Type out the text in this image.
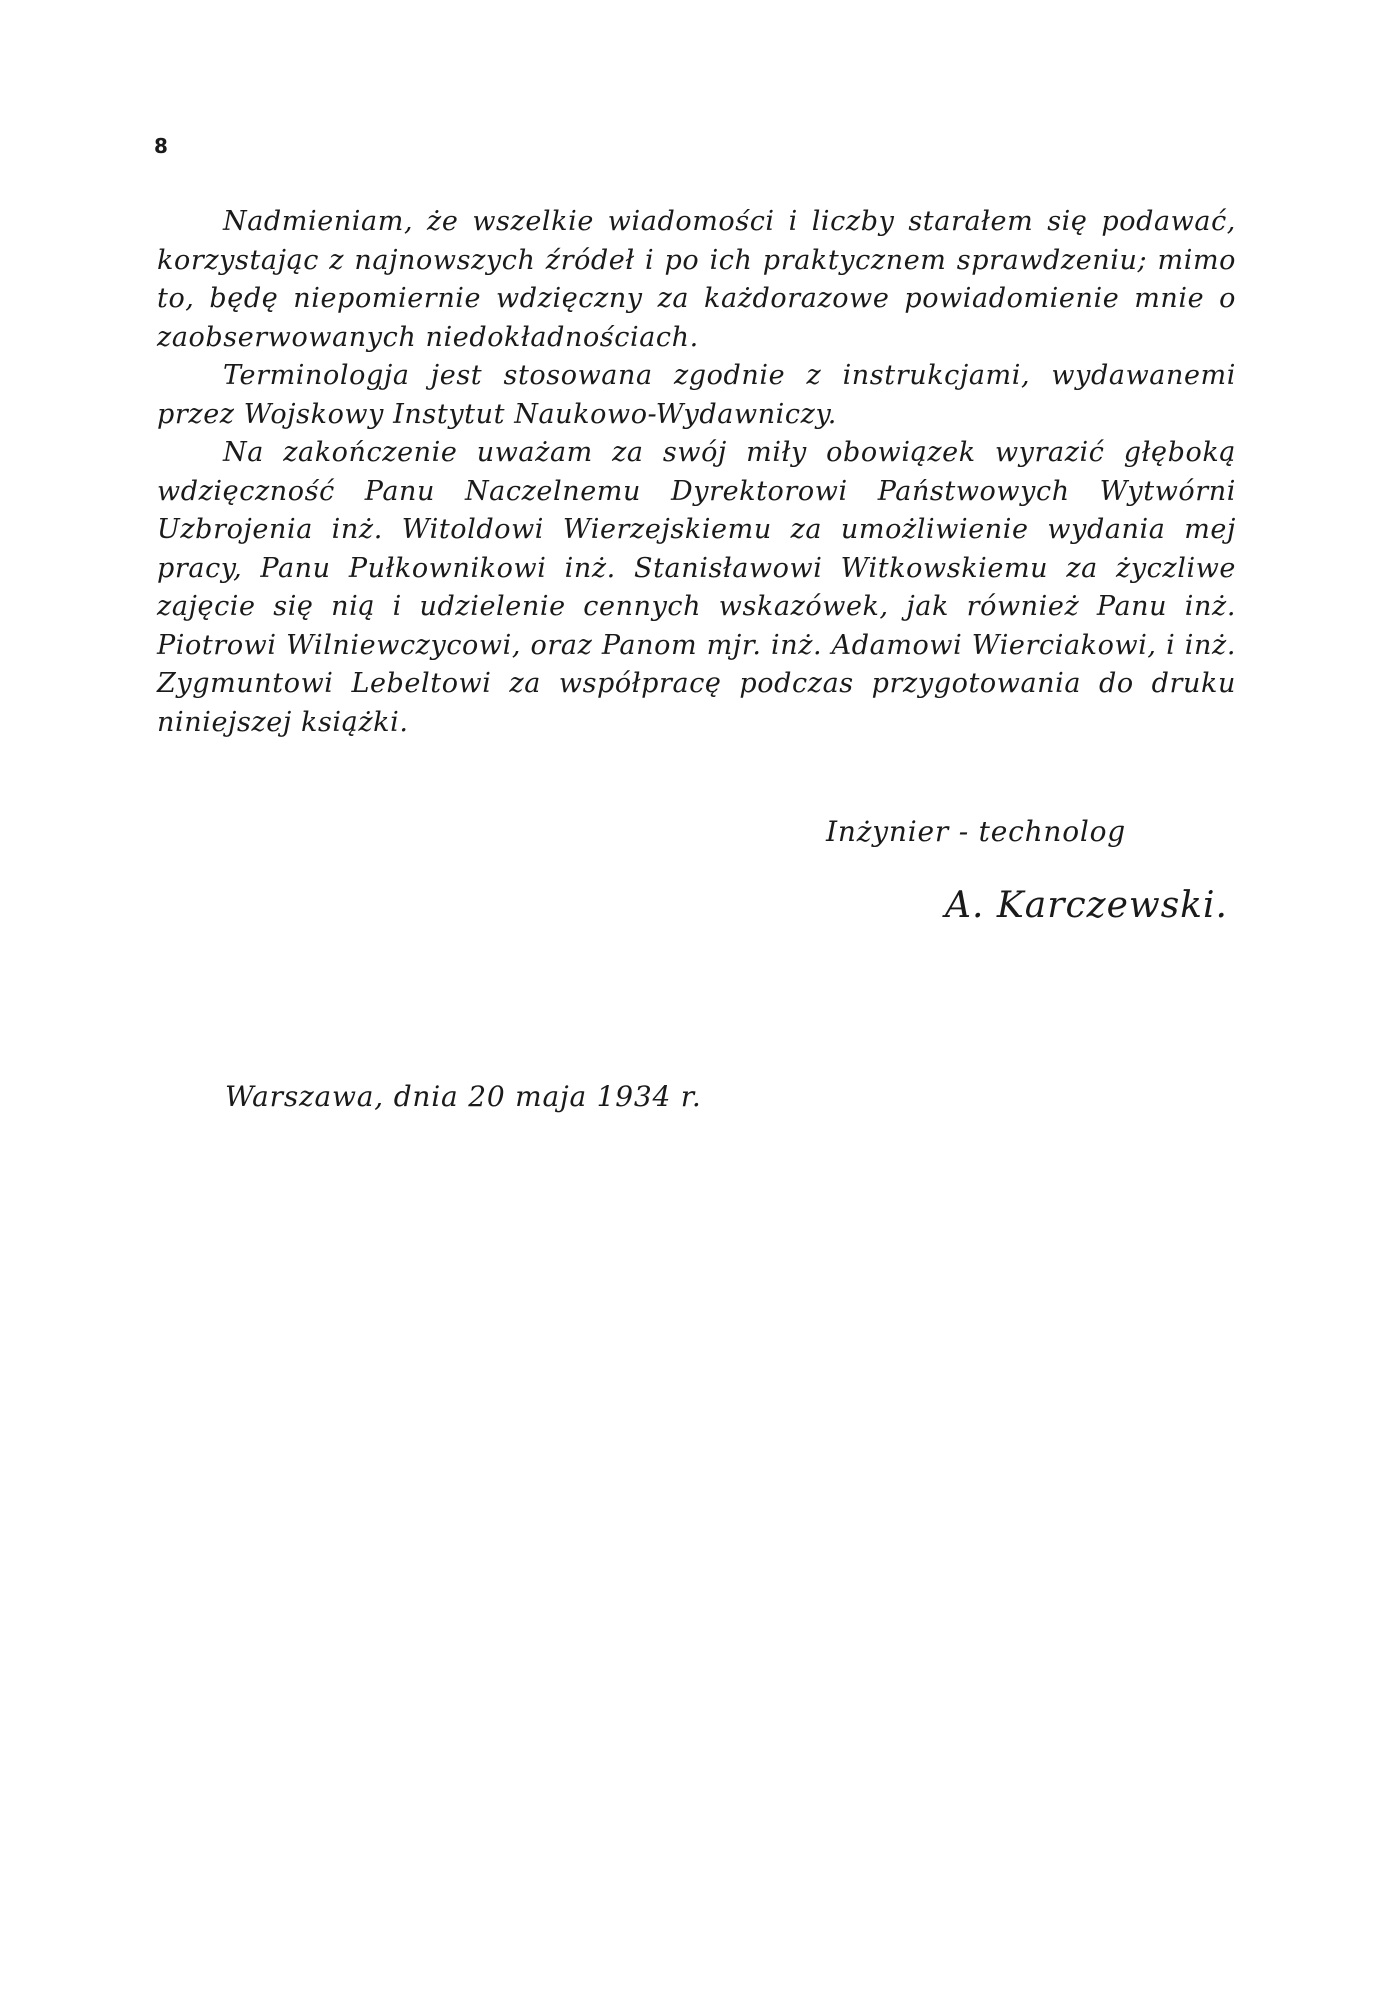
8

Nadmieniam, że wszelkie wiadomości i liczby starałem się podawać, korzystając z najnowszych źródeł i po ich praktycznem sprawdzeniu; mimo to, będę niepomiernie wdzięczny za każdorazowe powiadomienie mnie o zaobserwowanych niedokładnościach.

Terminologja jest stosowana zgodnie z instrukcjami, wydawanemi przez Wojskowy Instytut Naukowo-Wydawniczy.

Na zakończenie uważam za swój miły obowiązek wyrazić głęboką wdzięczność Panu Naczelnemu Dyrektorowi Państwowych Wytwórni Uzbrojenia inż. Witoldowi Wierzejskiemu za umożliwienie wydania mej pracy, Panu Pułkownikowi inż. Stanisławowi Witkowskiemu za życzliwe zajęcie się nią i udzielenie cennych wskazówek, jak również Panu inż. Piotrowi Wilniewczycowi, oraz Panom mjr. inż. Adamowi Wierciakowi, i inż. Zygmuntowi Lebeltowi za współpracę podczas przygotowania do druku niniejszej książki.

Inżynier - technolog
A. Karczewski.
Warszawa, dnia 20 maja 1934 r.
